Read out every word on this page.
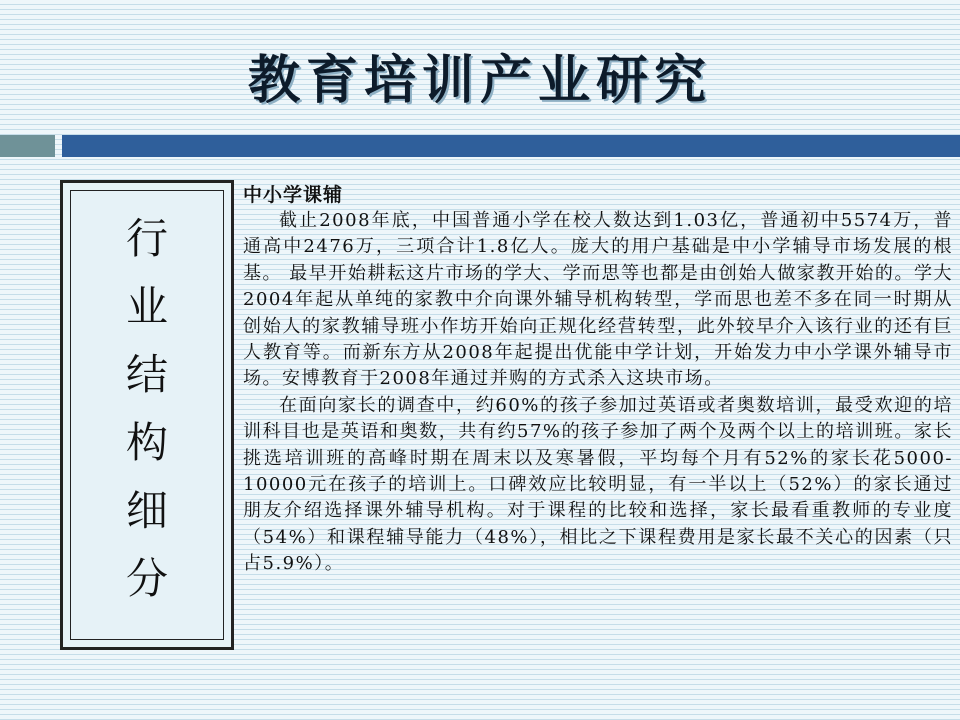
教育培训产业研究
行
业
结
构
细
分
中小学课辅

截止2008年底，中国普通小学在校人数达到1.03亿，普通初中5574万，普通高中2476万，三项合计1.8亿人。庞大的用户基础是中小学辅导市场发展的根基。 最早开始耕耘这片市场的学大、学而思等也都是由创始人做家教开始的。学大2004年起从单纯的家教中介向课外辅导机构转型，学而思也差不多在同一时期从创始人的家教辅导班小作坊开始向正规化经营转型，此外较早介入该行业的还有巨人教育等。而新东方从2008年起提出优能中学计划，开始发力中小学课外辅导市场。安博教育于2008年通过并购的方式杀入这块市场。

在面向家长的调查中，约60%的孩子参加过英语或者奥数培训，最受欢迎的培训科目也是英语和奥数，共有约57%的孩子参加了两个及两个以上的培训班。家长挑选培训班的高峰时期在周末以及寒暑假，平均每个月有52%的家长花5000-10000元在孩子的培训上。口碑效应比较明显，有一半以上（52%）的家长通过朋友介绍选择课外辅导机构。对于课程的比较和选择，家长最看重教师的专业度（54%）和课程辅导能力（48%），相比之下课程费用是家长最不关心的因素（只占5.9%）。
